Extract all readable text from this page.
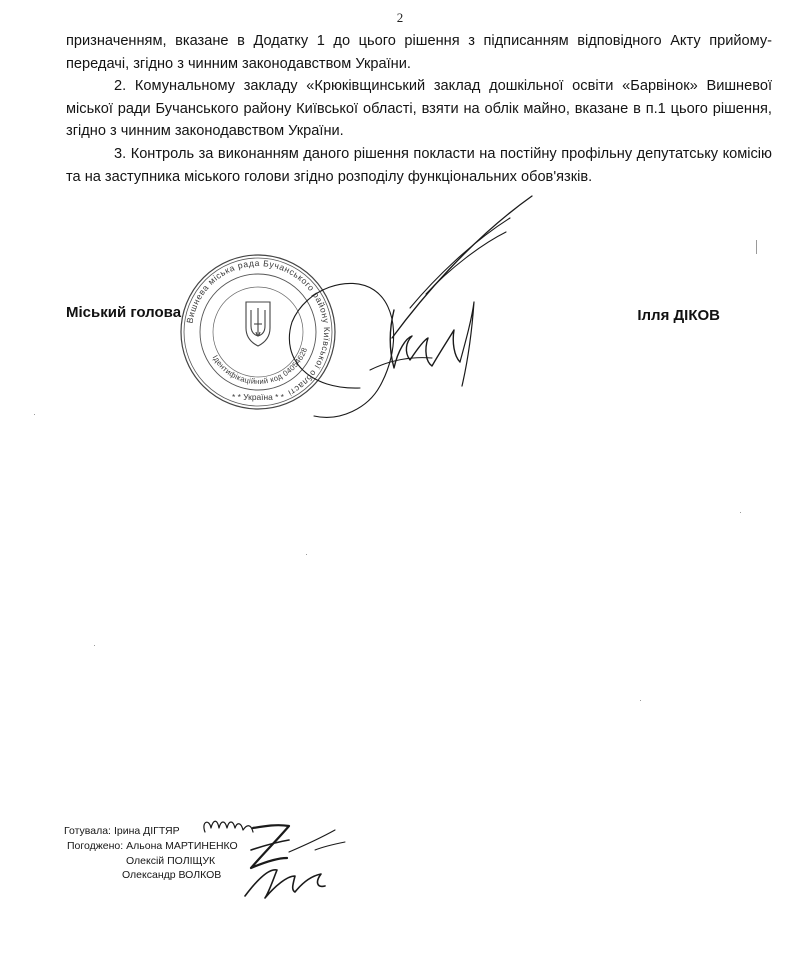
2

призначенням, вказане в Додатку 1 до цього рішення з підписанням відповідного Акту прийому-передачі, згідно з чинним законодавством України.

2. Комунальному закладу «Крюківщинський заклад дошкільної освіти «Барвінок» Вишневої міської ради Бучанського району Київської області, взяти на облік майно, вказане в п.1 цього рішення, згідно з чинним законодавством України.

3. Контроль за виконанням даного рішення покласти на постійну профільну депутатську комісію та на заступника міського голови згідно розподілу функціональних обов'язків.

Вишнева міська рада Бучанського району Київської області
Ідентифікаційний код 04054628
* * Україна * *
Міський голова	Ілля ДІКОВ
Готувала: Ірина ДІГТЯР
Погоджено: Альона МАРТИНЕНКО
Олексій ПОЛІЩУК
Олександр ВОЛКОВ
